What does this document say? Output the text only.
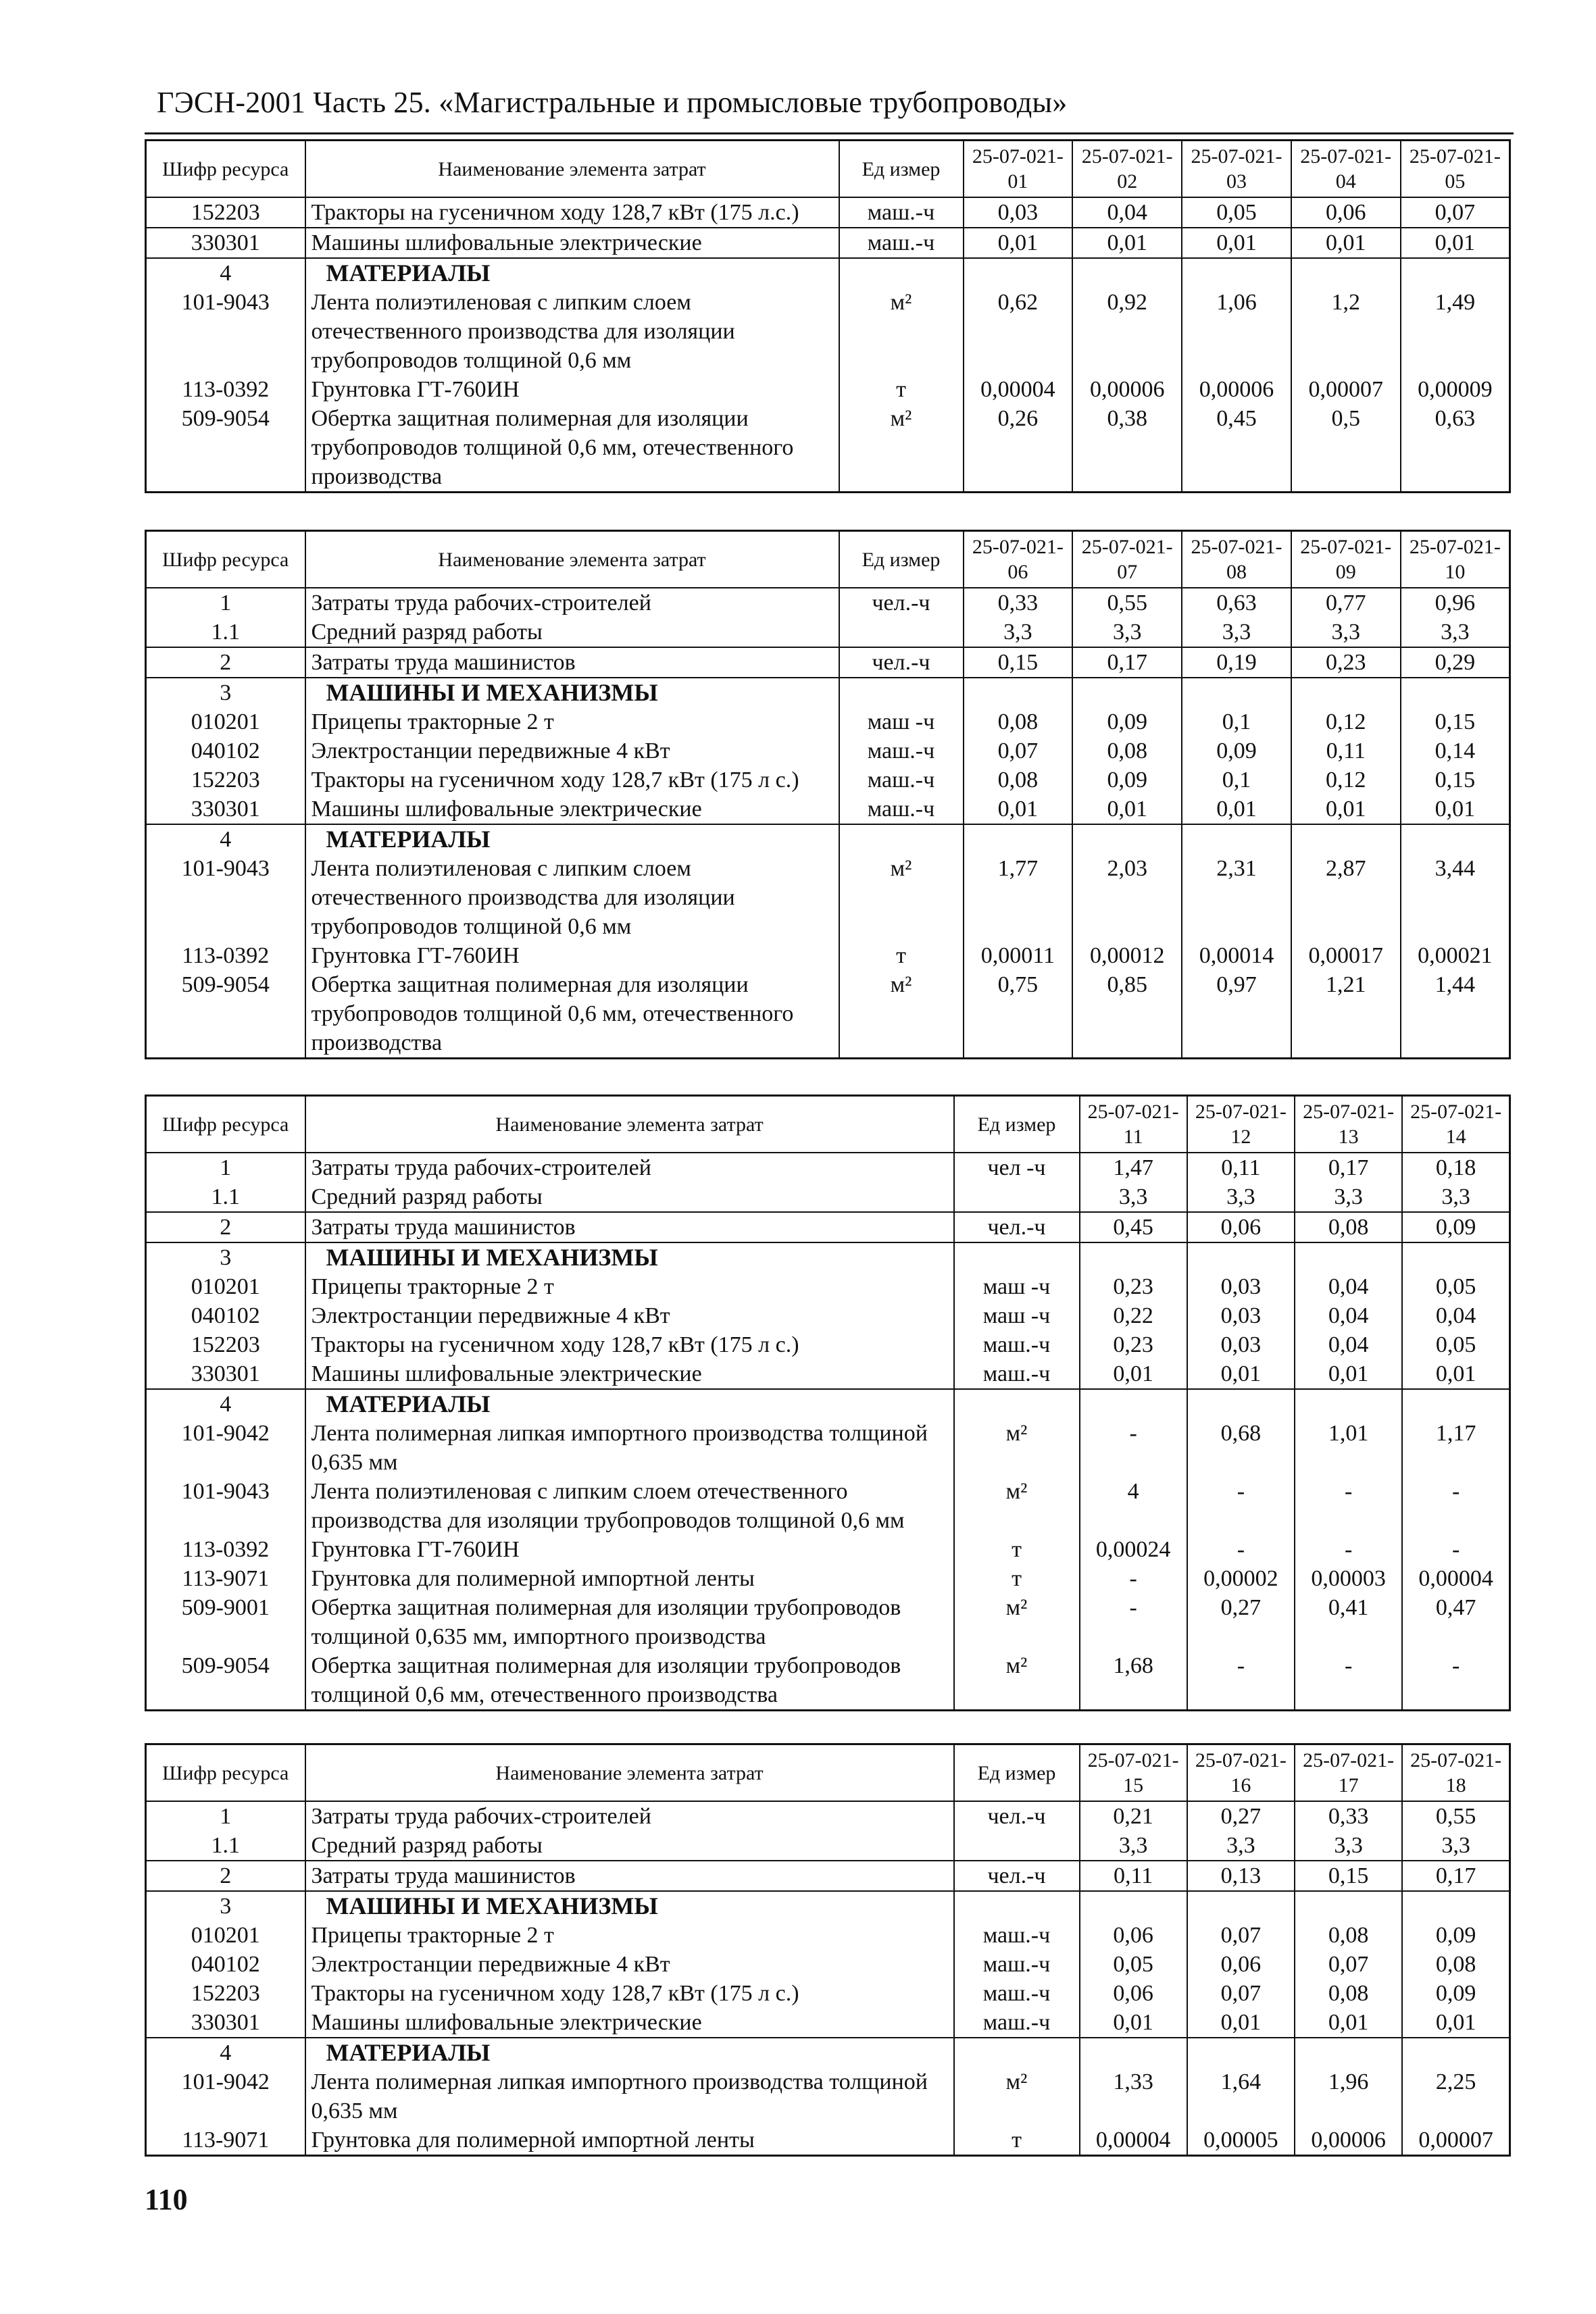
ГЭСН-2001 Часть 25. «Магистральные и промысловые трубопроводы»
Шифр ресурса	Наименование элемента затрат	Ед измер	25-07-021-01	25-07-021-02	25-07-021-03	25-07-021-04	25-07-021-05
152203	Тракторы на гусеничном ходу 128,7 кВт (175 л.с.)	маш.-ч	0,03	0,04	0,05	0,06	0,07
330301	Машины шлифовальные электрические	маш.-ч	0,01	0,01	0,01	0,01	0,01
4	МАТЕРИАЛЫ						
101-9043	Лента полиэтиленовая с липким слоем отечественного производства для изоляции трубопроводов толщиной 0,6 мм	м²	0,62	0,92	1,06	1,2	1,49
113-0392	Грунтовка ГТ-760ИН	т	0,00004	0,00006	0,00006	0,00007	0,00009
509-9054	Обертка защитная полимерная для изоляции трубопроводов толщиной 0,6 мм, отечественного производства	м²	0,26	0,38	0,45	0,5	0,63
Шифр ресурса	Наименование элемента затрат	Ед измер	25-07-021-06	25-07-021-07	25-07-021-08	25-07-021-09	25-07-021-10
1	Затраты труда рабочих-строителей	чел.-ч	0,33	0,55	0,63	0,77	0,96
1.1	Средний разряд работы		3,3	3,3	3,3	3,3	3,3
2	Затраты труда машинистов	чел.-ч	0,15	0,17	0,19	0,23	0,29
3	МАШИНЫ И МЕХАНИЗМЫ						
010201	Прицепы тракторные 2 т	маш -ч	0,08	0,09	0,1	0,12	0,15
040102	Электростанции передвижные 4 кВт	маш.-ч	0,07	0,08	0,09	0,11	0,14
152203	Тракторы на гусеничном ходу 128,7 кВт (175 л с.)	маш.-ч	0,08	0,09	0,1	0,12	0,15
330301	Машины шлифовальные электрические	маш.-ч	0,01	0,01	0,01	0,01	0,01
4	МАТЕРИАЛЫ						
101-9043	Лента полиэтиленовая с липким слоем отечественного производства для изоляции трубопроводов толщиной 0,6 мм	м²	1,77	2,03	2,31	2,87	3,44
113-0392	Грунтовка ГТ-760ИН	т	0,00011	0,00012	0,00014	0,00017	0,00021
509-9054	Обертка защитная полимерная для изоляции трубопроводов толщиной 0,6 мм, отечественного производства	м²	0,75	0,85	0,97	1,21	1,44
Шифр ресурса	Наименование элемента затрат	Ед измер	25-07-021-11	25-07-021-12	25-07-021-13	25-07-021-14
1	Затраты труда рабочих-строителей	чел -ч	1,47	0,11	0,17	0,18
1.1	Средний разряд работы		3,3	3,3	3,3	3,3
2	Затраты труда машинистов	чел.-ч	0,45	0,06	0,08	0,09
3	МАШИНЫ И МЕХАНИЗМЫ					
010201	Прицепы тракторные 2 т	маш -ч	0,23	0,03	0,04	0,05
040102	Электростанции передвижные 4 кВт	маш -ч	0,22	0,03	0,04	0,04
152203	Тракторы на гусеничном ходу 128,7 кВт (175 л с.)	маш.-ч	0,23	0,03	0,04	0,05
330301	Машины шлифовальные электрические	маш.-ч	0,01	0,01	0,01	0,01
4	МАТЕРИАЛЫ					
101-9042	Лента полимерная липкая импортного производства толщиной 0,635 мм	м²	-	0,68	1,01	1,17
101-9043	Лента полиэтиленовая с липким слоем отечественного производства для изоляции трубопроводов толщиной 0,6 мм	м²	4	-	-	-
113-0392	Грунтовка ГТ-760ИН	т	0,00024	-	-	-
113-9071	Грунтовка для полимерной импортной ленты	т	-	0,00002	0,00003	0,00004
509-9001	Обертка защитная полимерная для изоляции трубопроводов толщиной 0,635 мм, импортного производства	м²	-	0,27	0,41	0,47
509-9054	Обертка защитная полимерная для изоляции трубопроводов толщиной 0,6 мм, отечественного производства	м²	1,68	-	-	-
Шифр ресурса	Наименование элемента затрат	Ед измер	25-07-021-15	25-07-021-16	25-07-021-17	25-07-021-18
1	Затраты труда рабочих-строителей	чел.-ч	0,21	0,27	0,33	0,55
1.1	Средний разряд работы		3,3	3,3	3,3	3,3
2	Затраты труда машинистов	чел.-ч	0,11	0,13	0,15	0,17
3	МАШИНЫ И МЕХАНИЗМЫ					
010201	Прицепы тракторные 2 т	маш.-ч	0,06	0,07	0,08	0,09
040102	Электростанции передвижные 4 кВт	маш.-ч	0,05	0,06	0,07	0,08
152203	Тракторы на гусеничном ходу 128,7 кВт (175 л с.)	маш.-ч	0,06	0,07	0,08	0,09
330301	Машины шлифовальные электрические	маш.-ч	0,01	0,01	0,01	0,01
4	МАТЕРИАЛЫ					
101-9042	Лента полимерная липкая импортного производства толщиной 0,635 мм	м²	1,33	1,64	1,96	2,25
113-9071	Грунтовка для полимерной импортной ленты	т	0,00004	0,00005	0,00006	0,00007
110
